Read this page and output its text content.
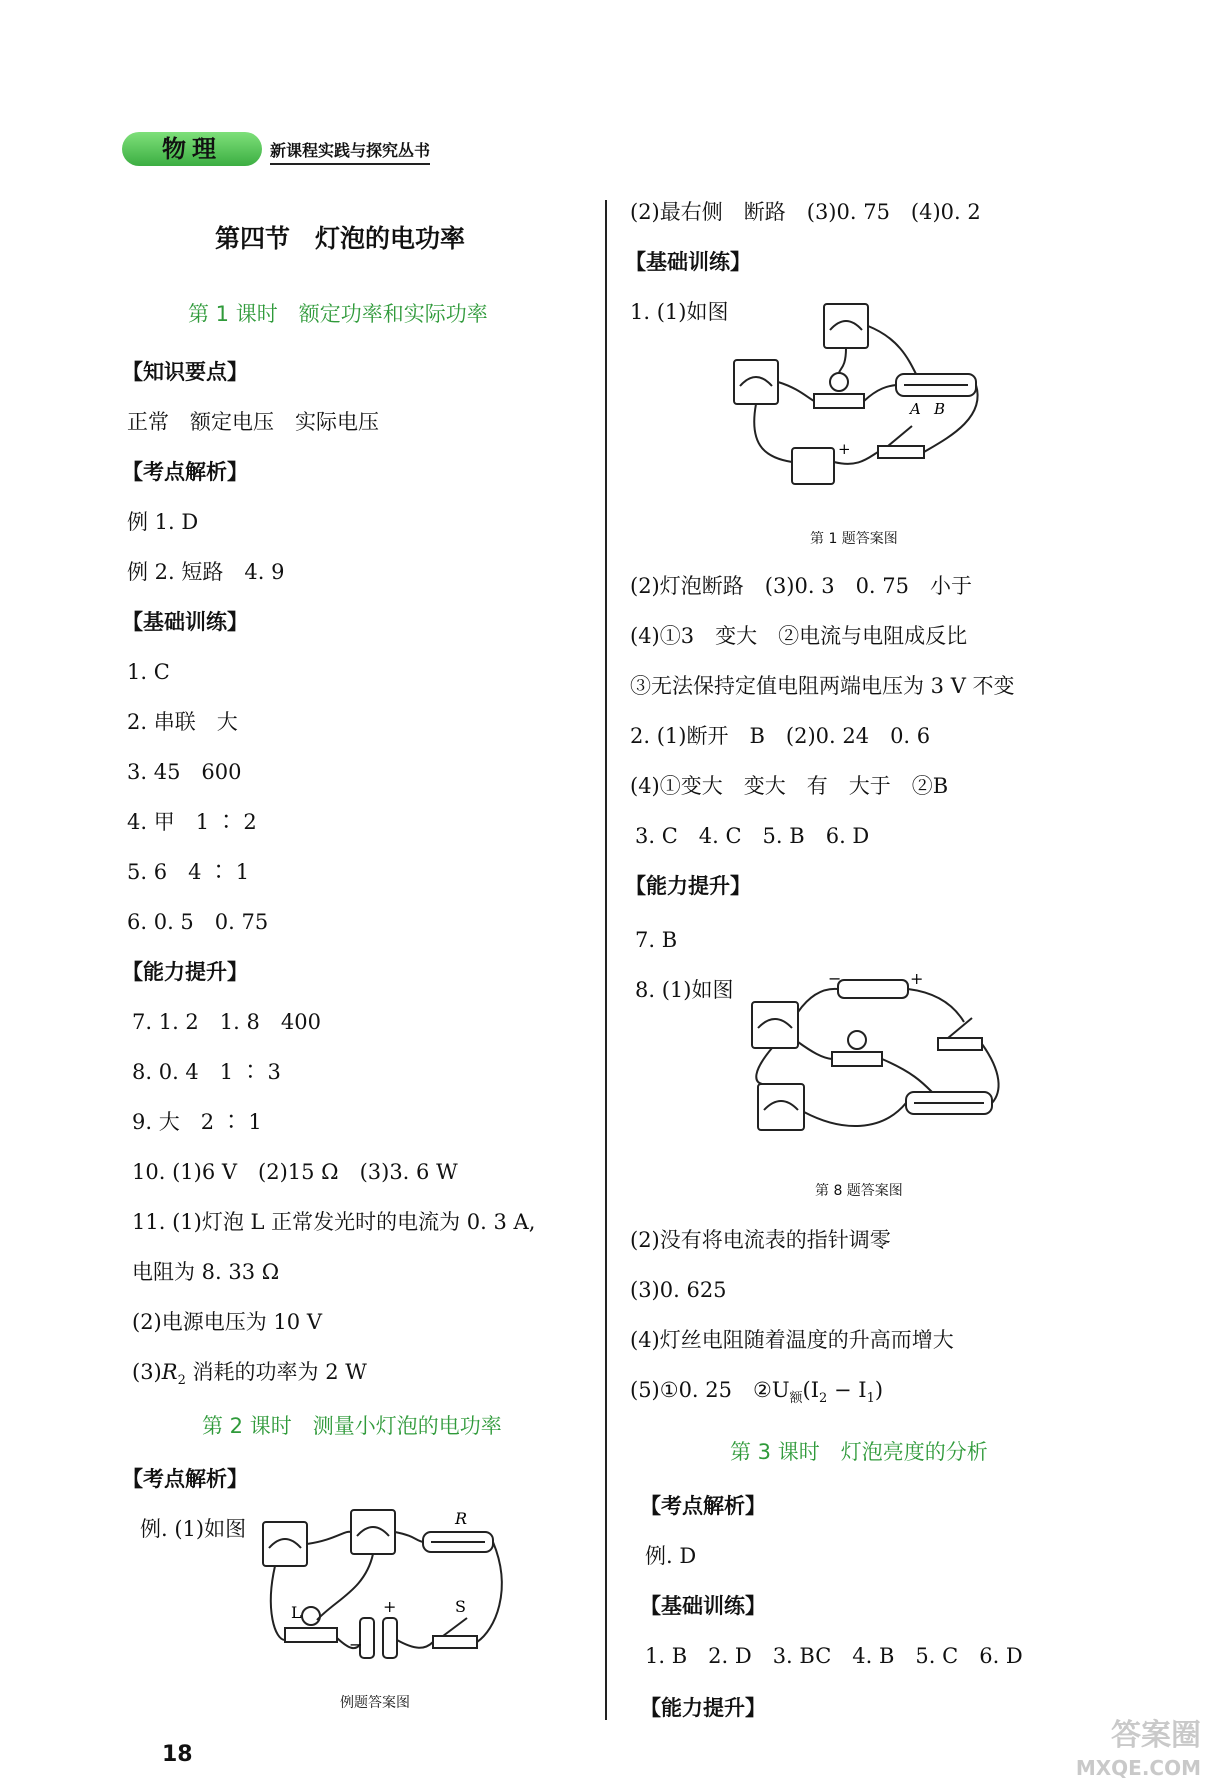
物理	新课程实践与探究丛书
第四节　灯泡的电功率
第 1 课时　额定功率和实际功率
【知识要点】
正常　额定电压　实际电压
【考点解析】
例 1. D
例 2. 短路　4. 9
【基础训练】
1. C
2. 串联　大
3. 45　600
4. 甲　1 ∶ 2
5. 6　4 ∶ 1
6. 0. 5　0. 75
【能力提升】
7. 1. 2　1. 8　400
8. 0. 4　1 ∶ 3
9. 大　2 ∶ 1
10. (1)6 V　(2)15 Ω　(3)3. 6 W
11. (1)灯泡 L 正常发光时的电流为 0. 3 A,
电阻为 8. 33 Ω
(2)电源电压为 10 V
$(3)R_2$ 消耗的功率为 2 W
第 2 课时　测量小灯泡的电功率
【考点解析】
例. (1)如图	R
L	S
+
−
例题答案图
(2)最右侧　断路　(3)0. 75　(4)0. 2
【基础训练】
1. (1)如图
A B
+
第 1 题答案图
(2)灯泡断路　(3)0. 3　0. 75　小于
(4)①3　变大　②电流与电阻成反比
③无法保持定值电阻两端电压为 3 V 不变
2. (1)断开　B　(2)0. 24　0. 6
(4)①变大　变大　有　大于　②B
3. C　4. C　5. B　6. D
【能力提升】
7. B
8. (1)如图	−	+
第 8 题答案图
(2)没有将电流表的指针调零
(3)0. 625
(4)灯丝电阻随着温度的升高而增大
(5)①0. 25　$②U_额(I_2 - I_1)$
第 3 课时　灯泡亮度的分析
【考点解析】
例. D
【基础训练】
1. B　2. D　3. BC　4. B　5. C　6. D
【能力提升】
18
答案圈
MXQE.COM
